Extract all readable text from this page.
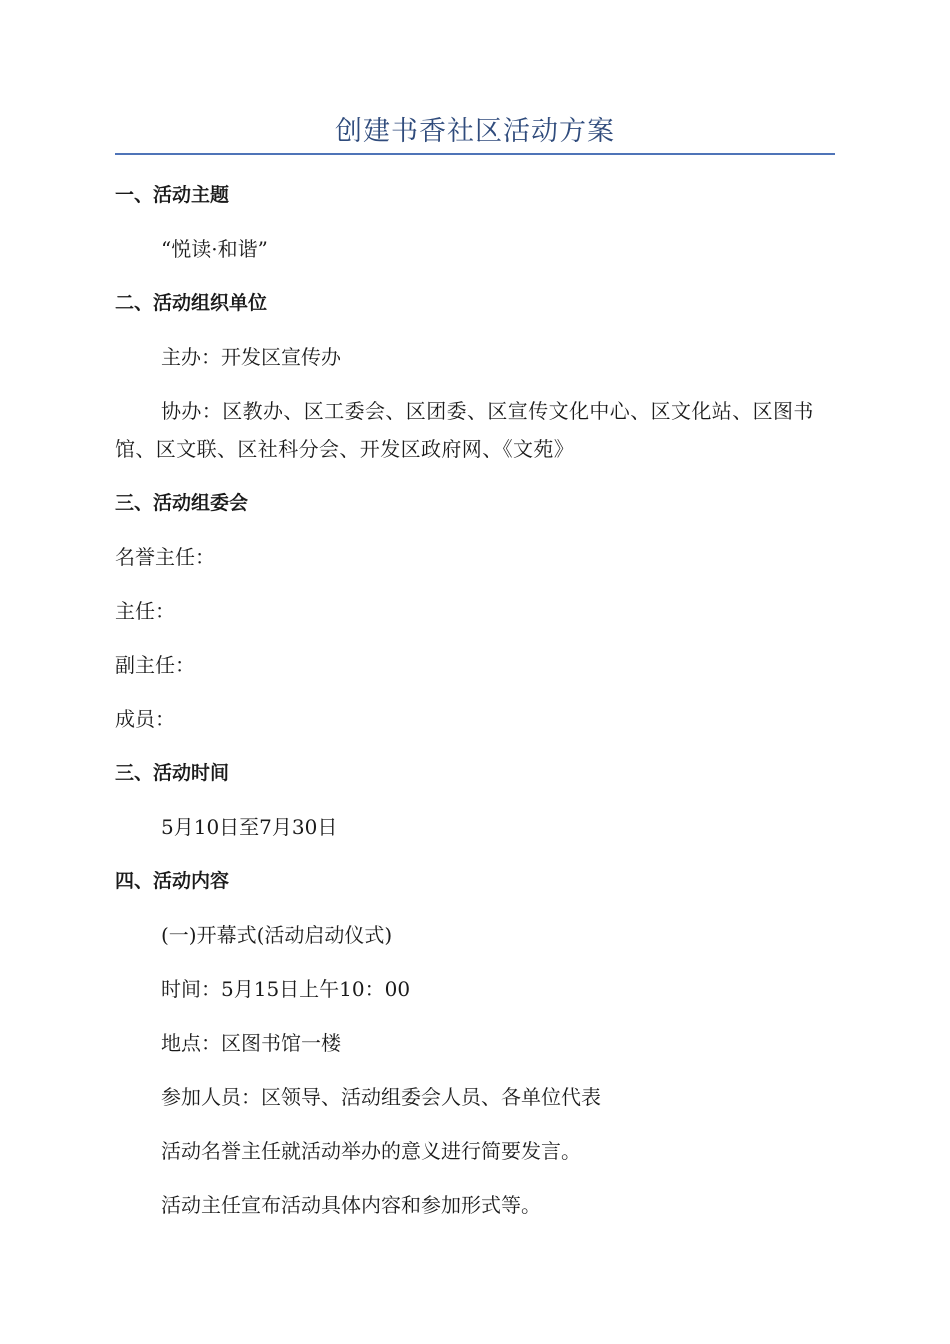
创建书香社区活动方案
一、活动主题
“悦读·和谐”
二、活动组织单位
主办：开发区宣传办
协办：区教办、区工委会、区团委、区宣传文化中心、区文化站、区图书馆、区文联、区社科分会、开发区政府网、《文苑》
三、活动组委会
名誉主任：
主任：
副主任：
成员：
三、活动时间
5月10日至7月30日
四、活动内容
(一)开幕式(活动启动仪式)
时间：5月15日上午10：00
地点：区图书馆一楼
参加人员：区领导、活动组委会人员、各单位代表
活动名誉主任就活动举办的意义进行简要发言。
活动主任宣布活动具体内容和参加形式等。
